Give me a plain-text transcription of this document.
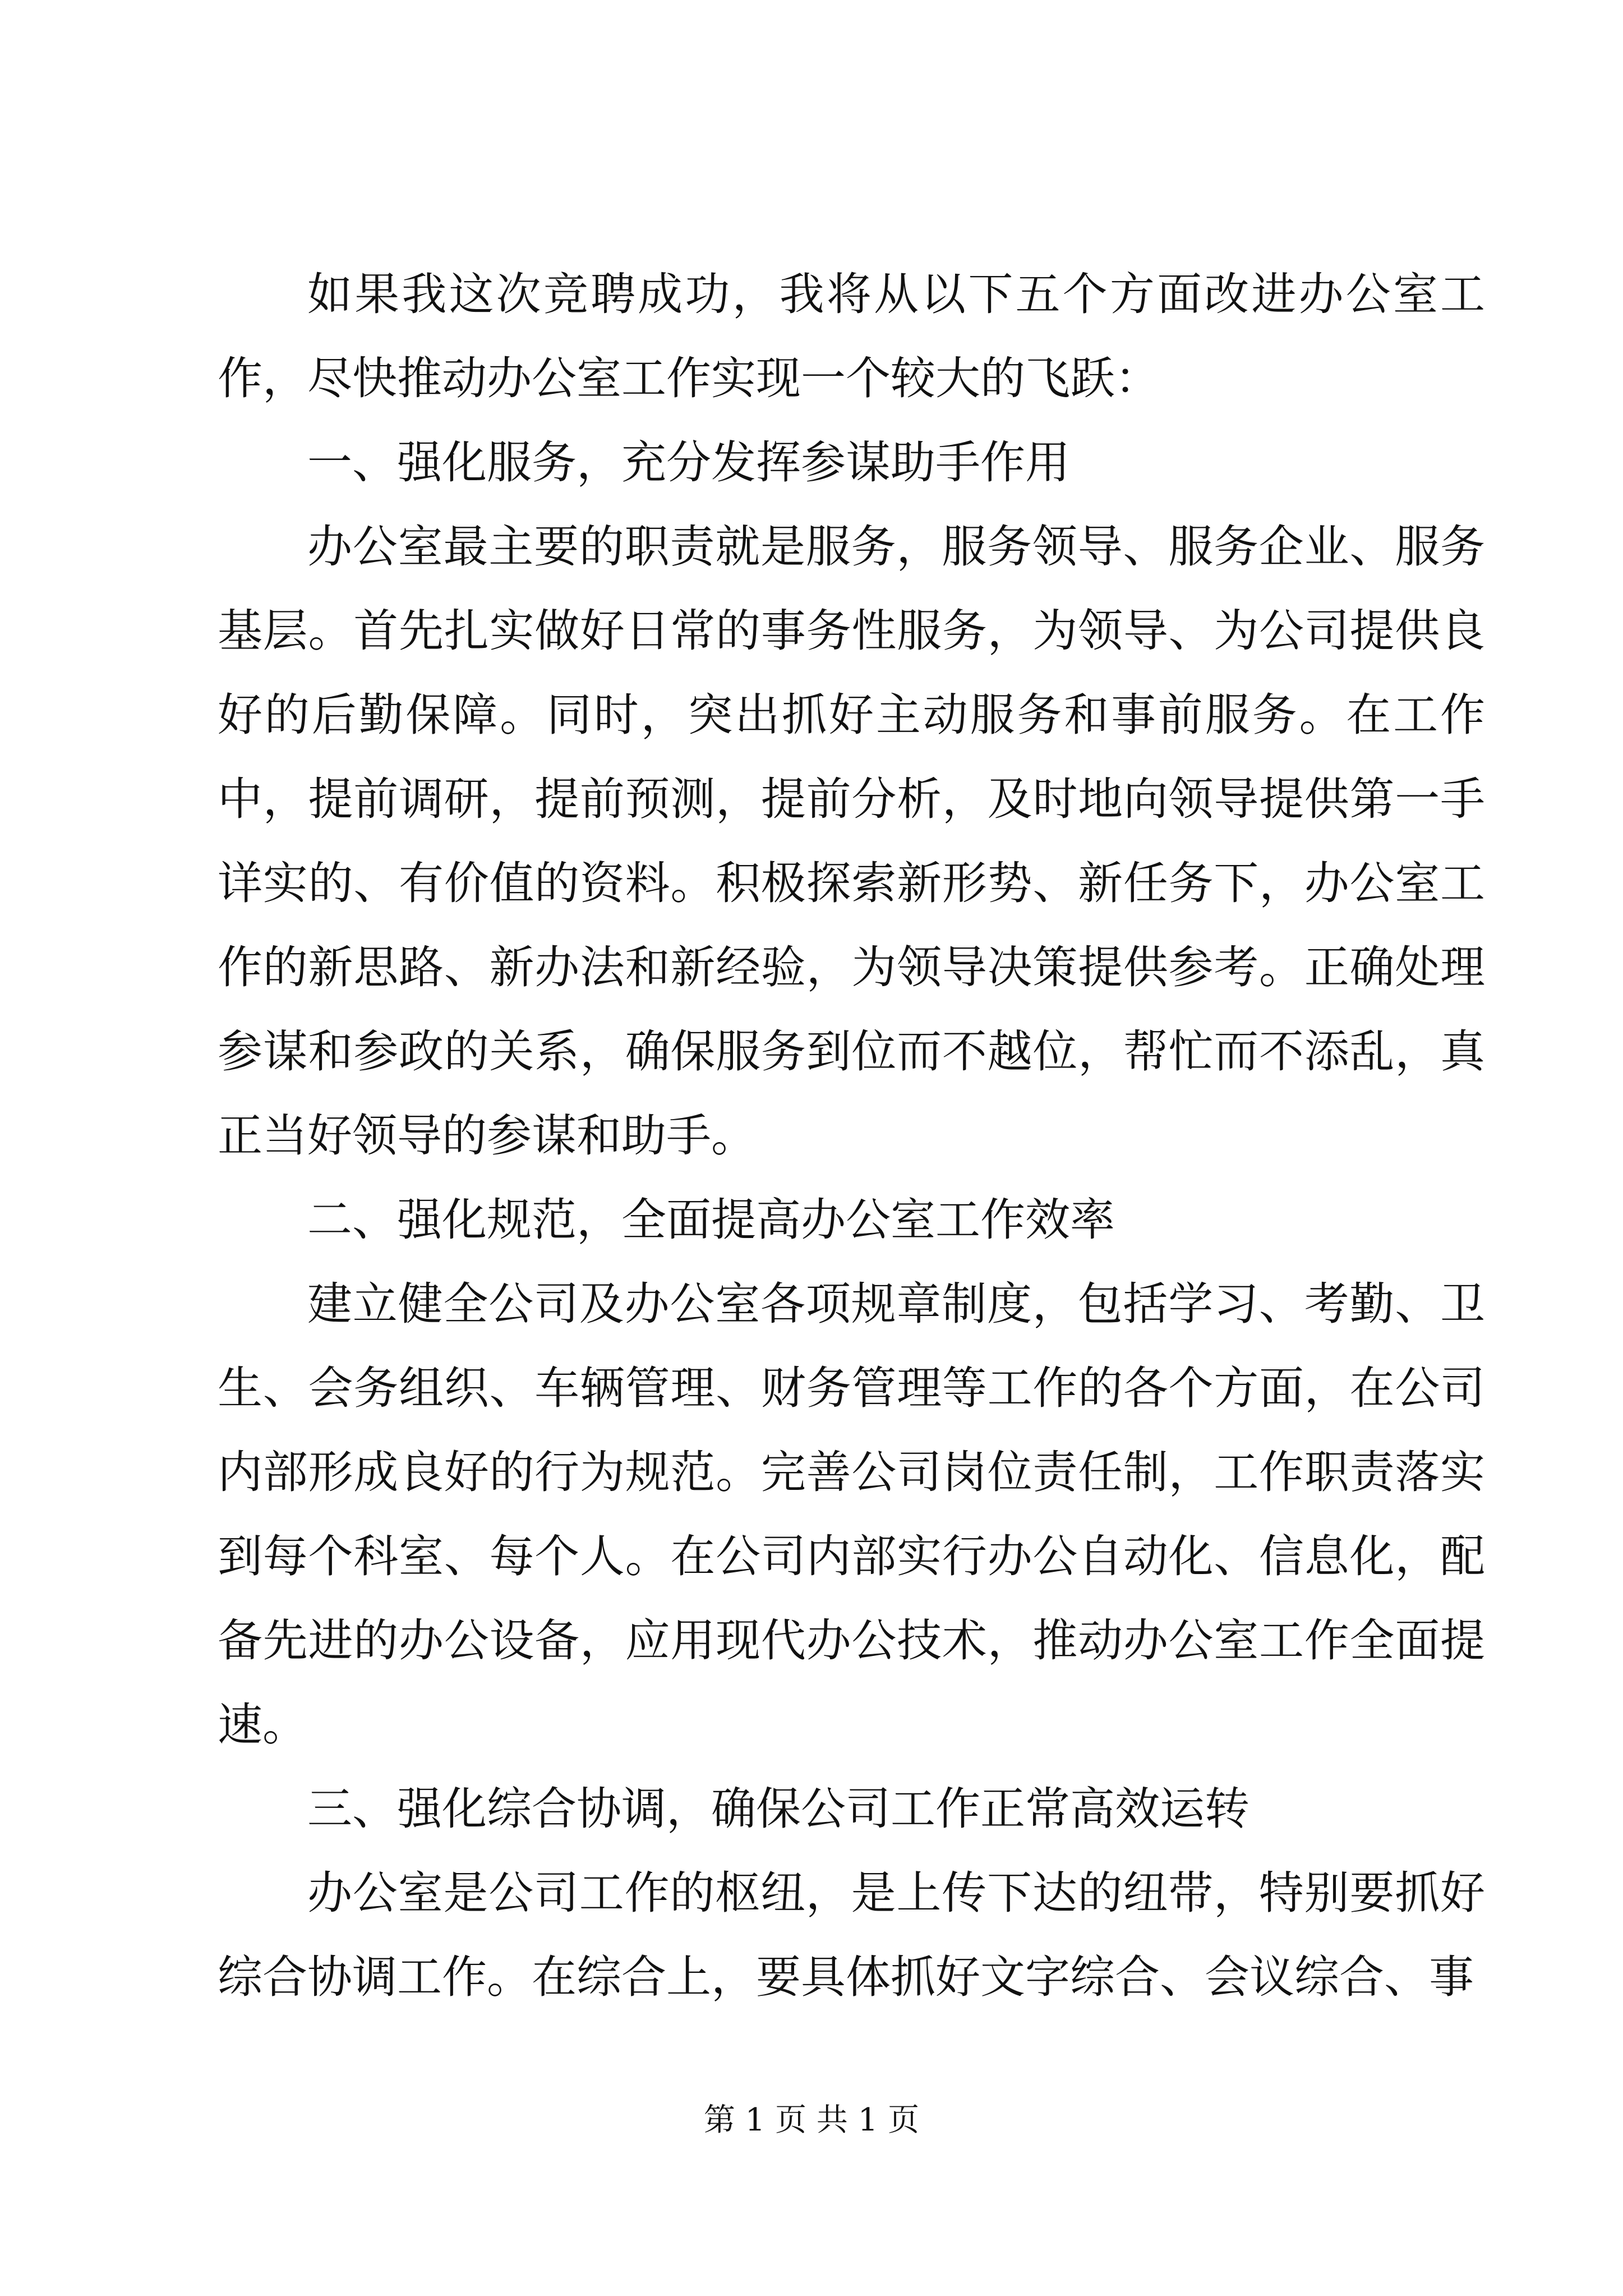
如果我这次竞聘成功，我将从以下五个方面改进办公室工作，尽快推动办公室工作实现一个较大的飞跃：

一、强化服务，充分发挥参谋助手作用

办公室最主要的职责就是服务，服务领导、服务企业、服务基层。首先扎实做好日常的事务性服务，为领导、为公司提供良好的后勤保障。同时，突出抓好主动服务和事前服务。在工作中，提前调研，提前预测，提前分析，及时地向领导提供第一手详实的、有价值的资料。积极探索新形势、新任务下，办公室工作的新思路、新办法和新经验，为领导决策提供参考。正确处理参谋和参政的关系，确保服务到位而不越位，帮忙而不添乱，真正当好领导的参谋和助手。

二、强化规范，全面提高办公室工作效率

建立健全公司及办公室各项规章制度，包括学习、考勤、卫生、会务组织、车辆管理、财务管理等工作的各个方面，在公司内部形成良好的行为规范。完善公司岗位责任制，工作职责落实到每个科室、每个人。在公司内部实行办公自动化、信息化，配备先进的办公设备，应用现代办公技术，推动办公室工作全面提速。

三、强化综合协调，确保公司工作正常高效运转

办公室是公司工作的枢纽，是上传下达的纽带，特别要抓好综合协调工作。在综合上，要具体抓好文字综合、会议综合、事

第 1 页 共 1 页
